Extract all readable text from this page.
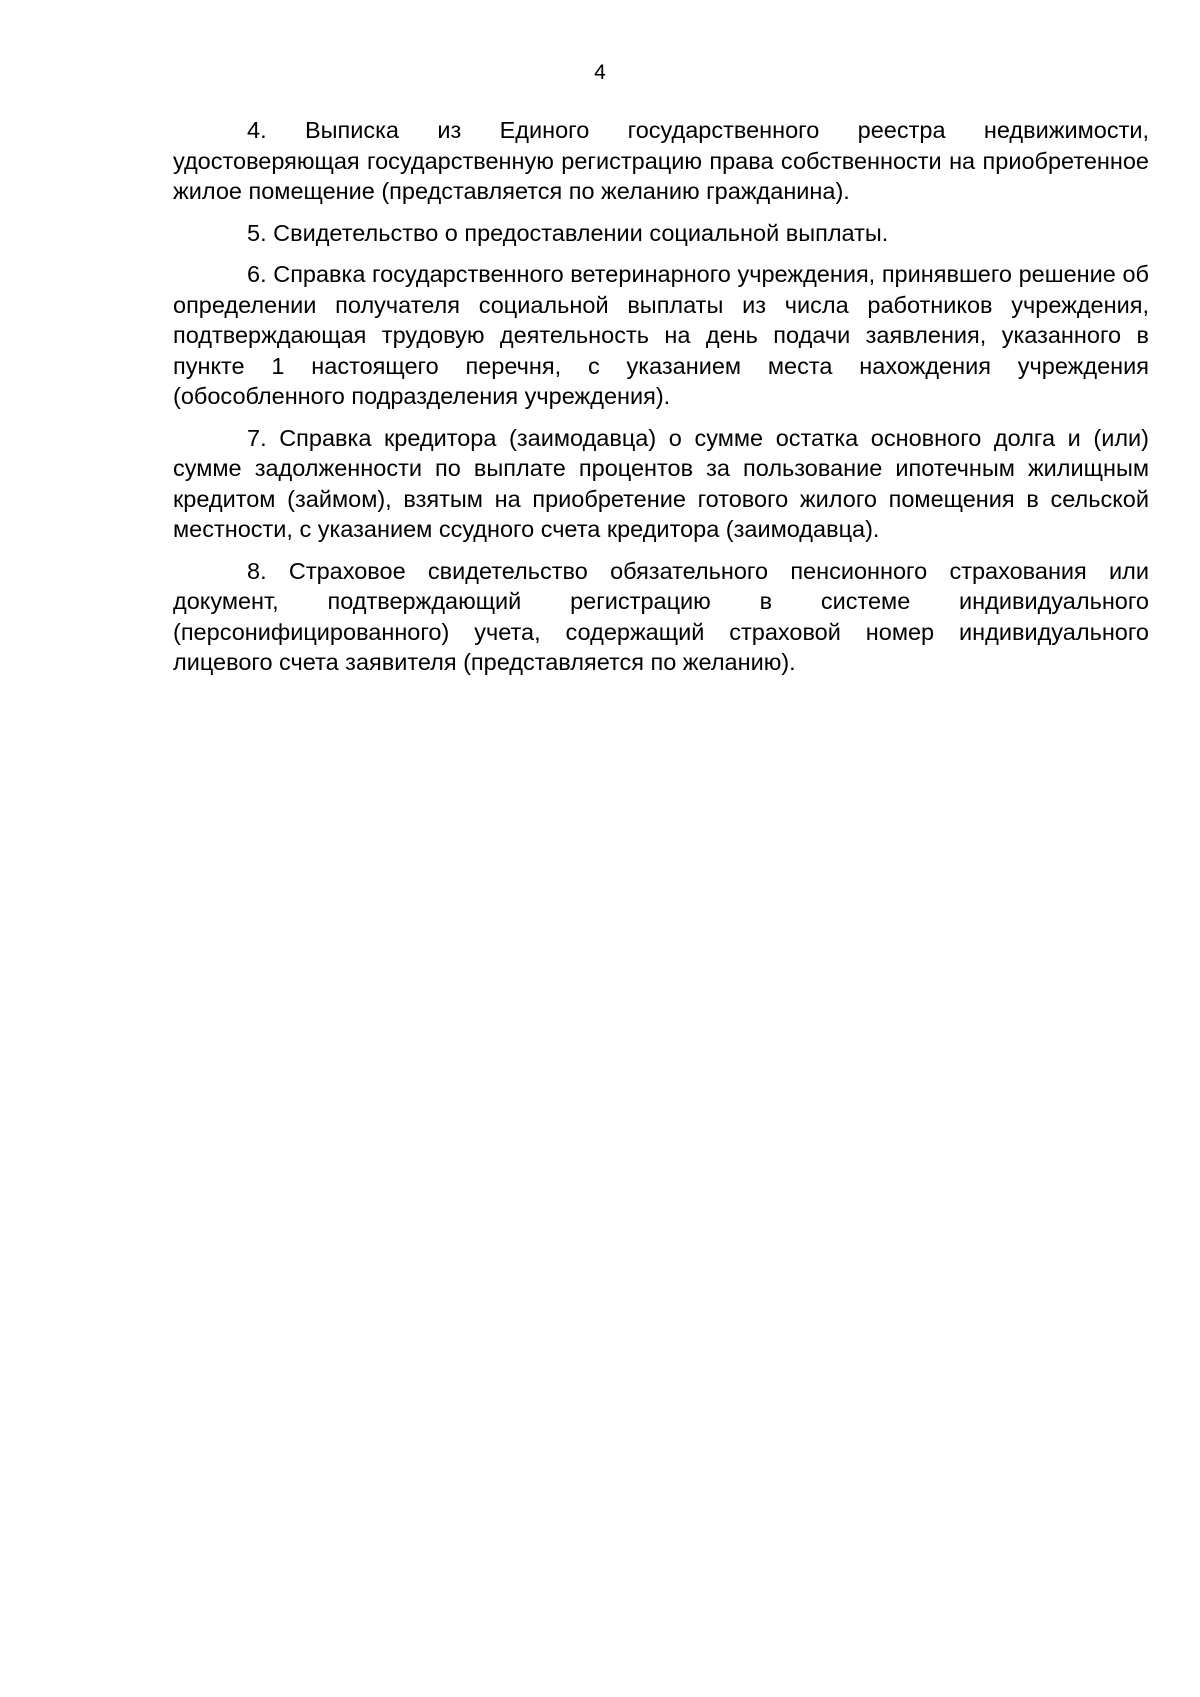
4

4. Выписка из Единого государственного реестра недвижимости, удостоверяющая государственную регистрацию права собственности на приобретенное жилое помещение (представляется по желанию гражданина).

5. Свидетельство о предоставлении социальной выплаты.

6. Справка государственного ветеринарного учреждения, принявшего решение об определении получателя социальной выплаты из числа работников учреждения, подтверждающая трудовую деятельность на день подачи заявления, указанного в пункте 1 настоящего перечня, с указанием места нахождения учреждения (обособленного подразделения учреждения).

7. Справка кредитора (заимодавца) о сумме остатка основного долга и (или) сумме задолженности по выплате процентов за пользование ипотечным жилищным кредитом (займом), взятым на приобретение готового жилого помещения в сельской местности, с указанием ссудного счета кредитора (заимодавца).

8. Страховое свидетельство обязательного пенсионного страхования или документ, подтверждающий регистрацию в системе индивидуального (персонифицированного) учета, содержащий страховой номер индивидуального лицевого счета заявителя (представляется по желанию).
